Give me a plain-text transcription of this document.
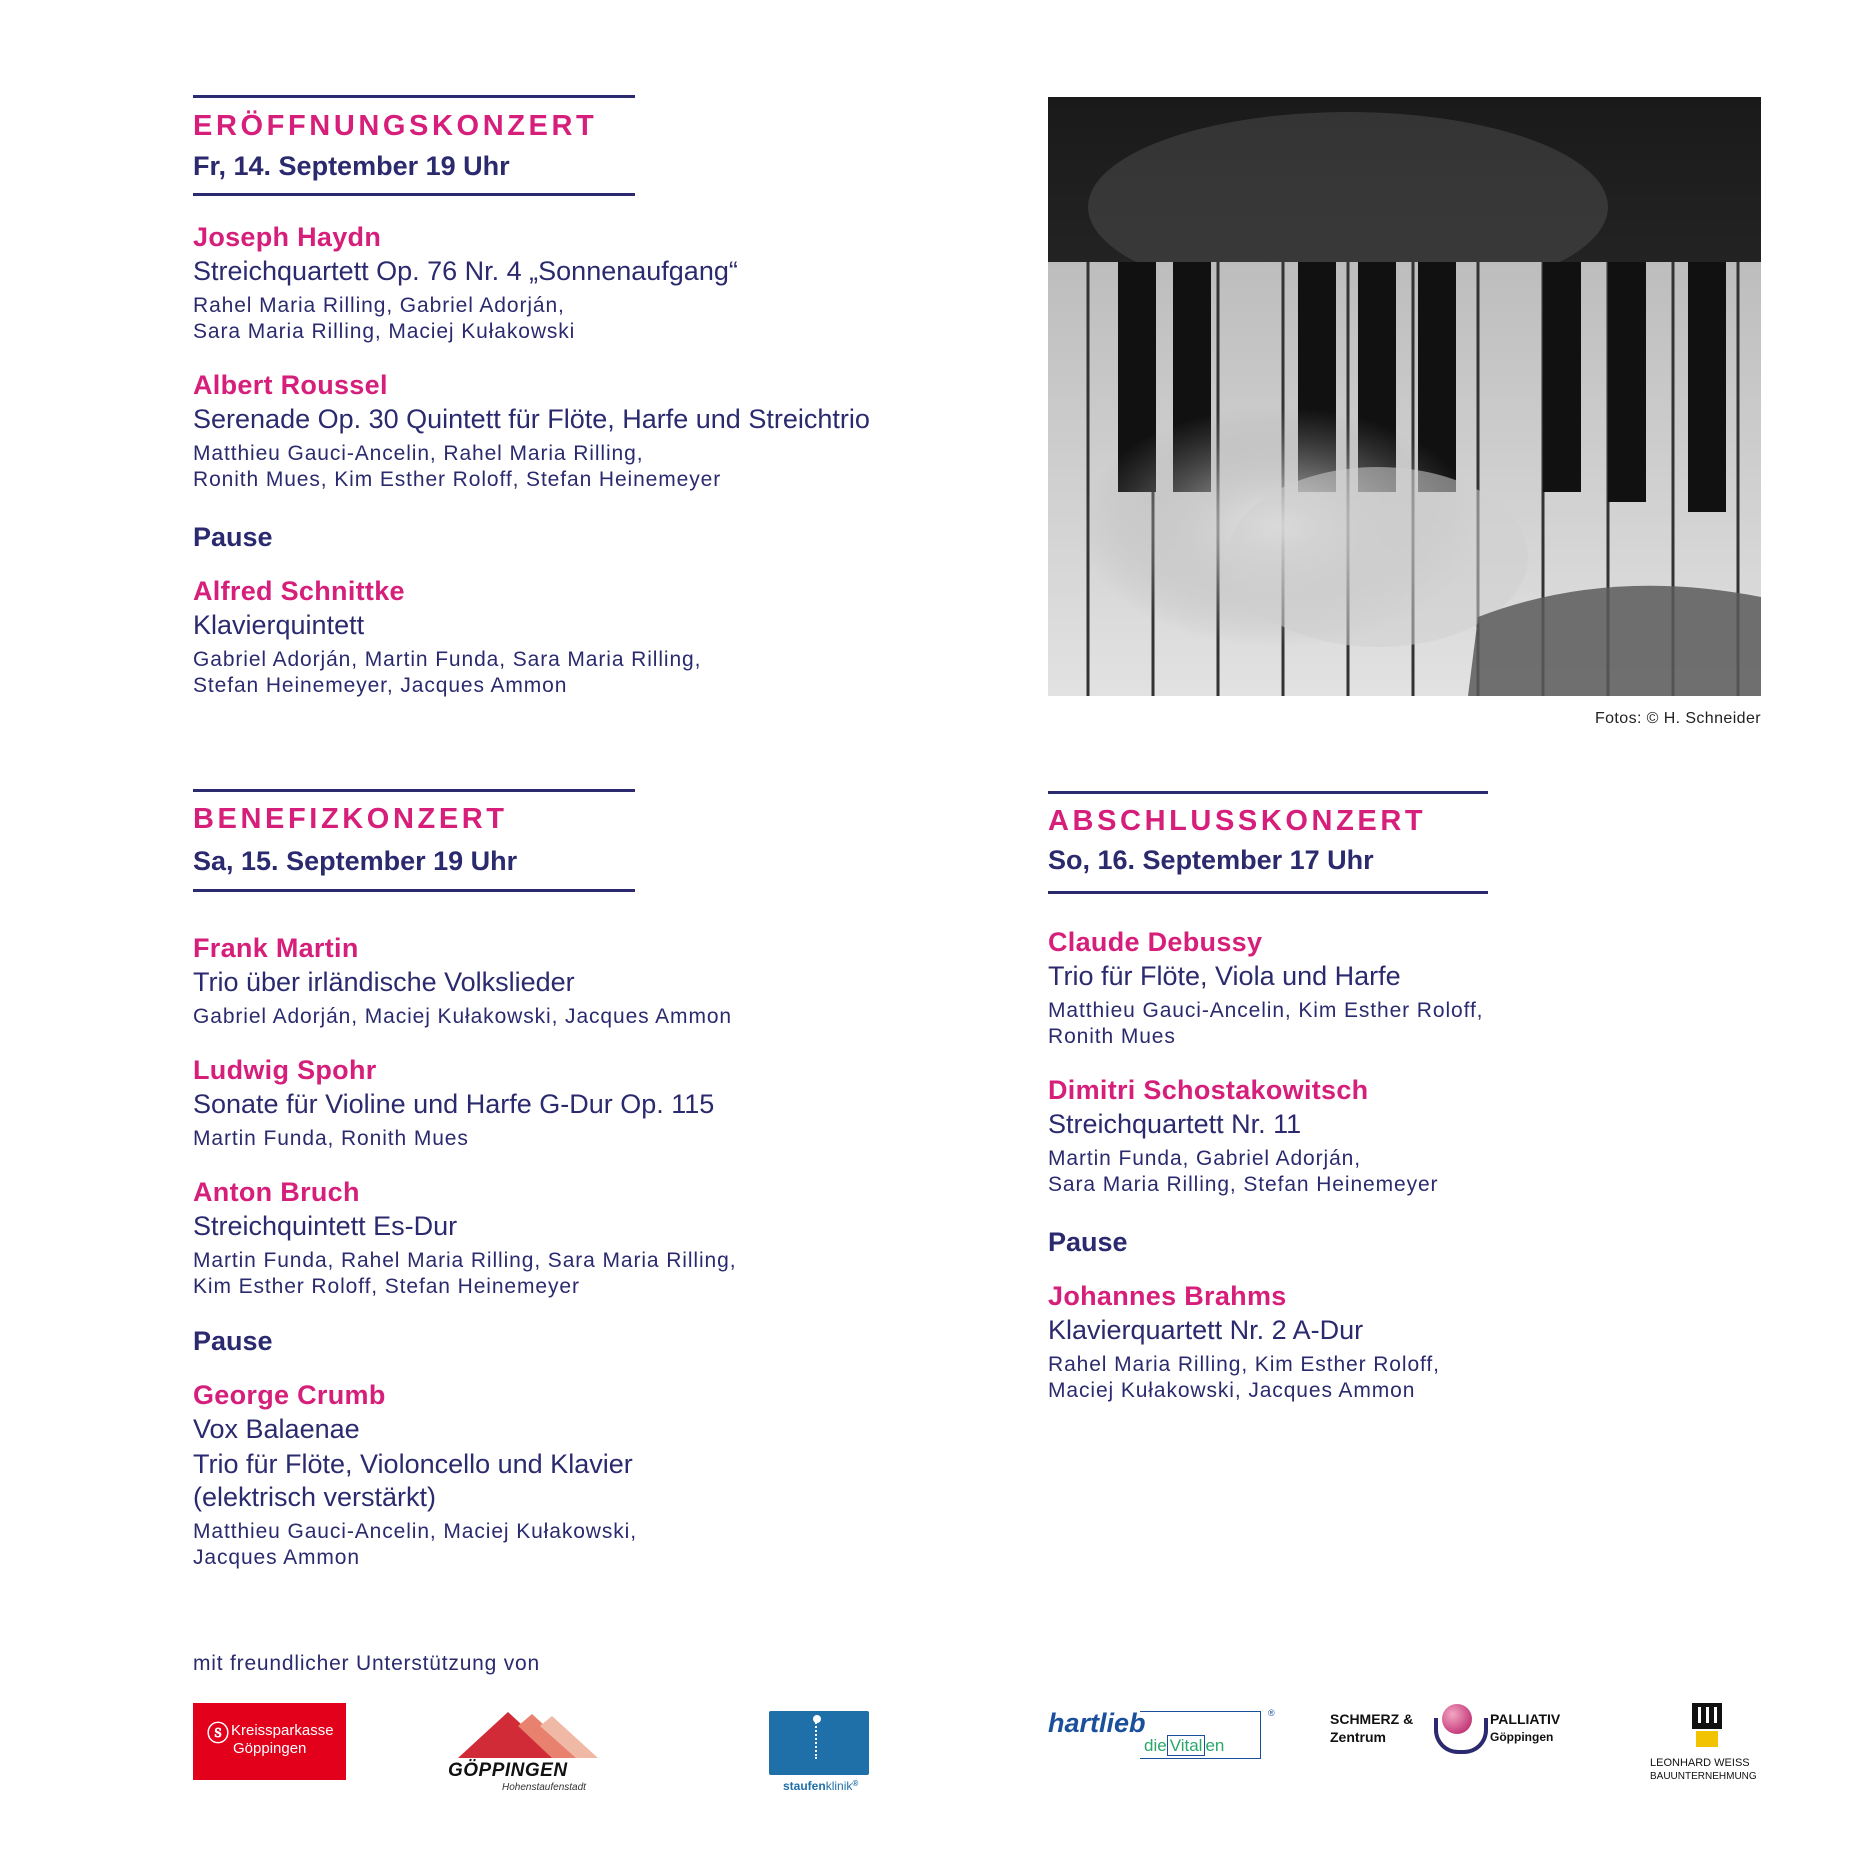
ERÖFFNUNGSKONZERT
Fr, 14. September 19 Uhr
Joseph Haydn
Streichquartett Op. 76 Nr. 4 „Sonnenaufgang“
Rahel Maria Rilling, Gabriel Adorján,
Sara Maria Rilling, Maciej Kułakowski
Albert Roussel
Serenade Op. 30 Quintett für Flöte, Harfe und Streichtrio
Matthieu Gauci-Ancelin, Rahel Maria Rilling,
Ronith Mues, Kim Esther Roloff, Stefan Heinemeyer
Pause
Alfred Schnittke
Klavierquintett
Gabriel Adorján, Martin Funda, Sara Maria Rilling,
Stefan Heinemeyer, Jacques Ammon
Fotos: © H. Schneider
BENEFIZKONZERT
Sa, 15. September 19 Uhr
Frank Martin
Trio über irländische Volkslieder
Gabriel Adorján, Maciej Kułakowski, Jacques Ammon
Ludwig Spohr
Sonate für Violine und Harfe G-Dur Op. 115
Martin Funda, Ronith Mues
Anton Bruch
Streichquintett Es-Dur
Martin Funda, Rahel Maria Rilling, Sara Maria Rilling,
Kim Esther Roloff, Stefan Heinemeyer
Pause
George Crumb
Vox Balaenae
Trio für Flöte, Violoncello und Klavier
(elektrisch verstärkt)
Matthieu Gauci-Ancelin, Maciej Kułakowski,
Jacques Ammon
ABSCHLUSSKONZERT
So, 16. September 17 Uhr
Claude Debussy
Trio für Flöte, Viola und Harfe
Matthieu Gauci-Ancelin, Kim Esther Roloff,
Ronith Mues
Dimitri Schostakowitsch
Streichquartett Nr. 11
Martin Funda, Gabriel Adorján,
Sara Maria Rilling, Stefan Heinemeyer
Pause
Johannes Brahms
Klavierquartett Nr. 2 A-Dur
Rahel Maria Rilling, Kim Esther Roloff,
Maciej Kułakowski, Jacques Ammon
mit freundlicher Unterstützung von
ⓢ Kreissparkasse
Göppingen
GÖPPINGEN
Hohenstaufenstadt	staufenklinik®
hartlieb	®
die Vital en
SCHMERZ &
Zentrum
PALLIATIV
Göppingen
LEONHARD WEISS
BAUUNTERNEHMUNG
